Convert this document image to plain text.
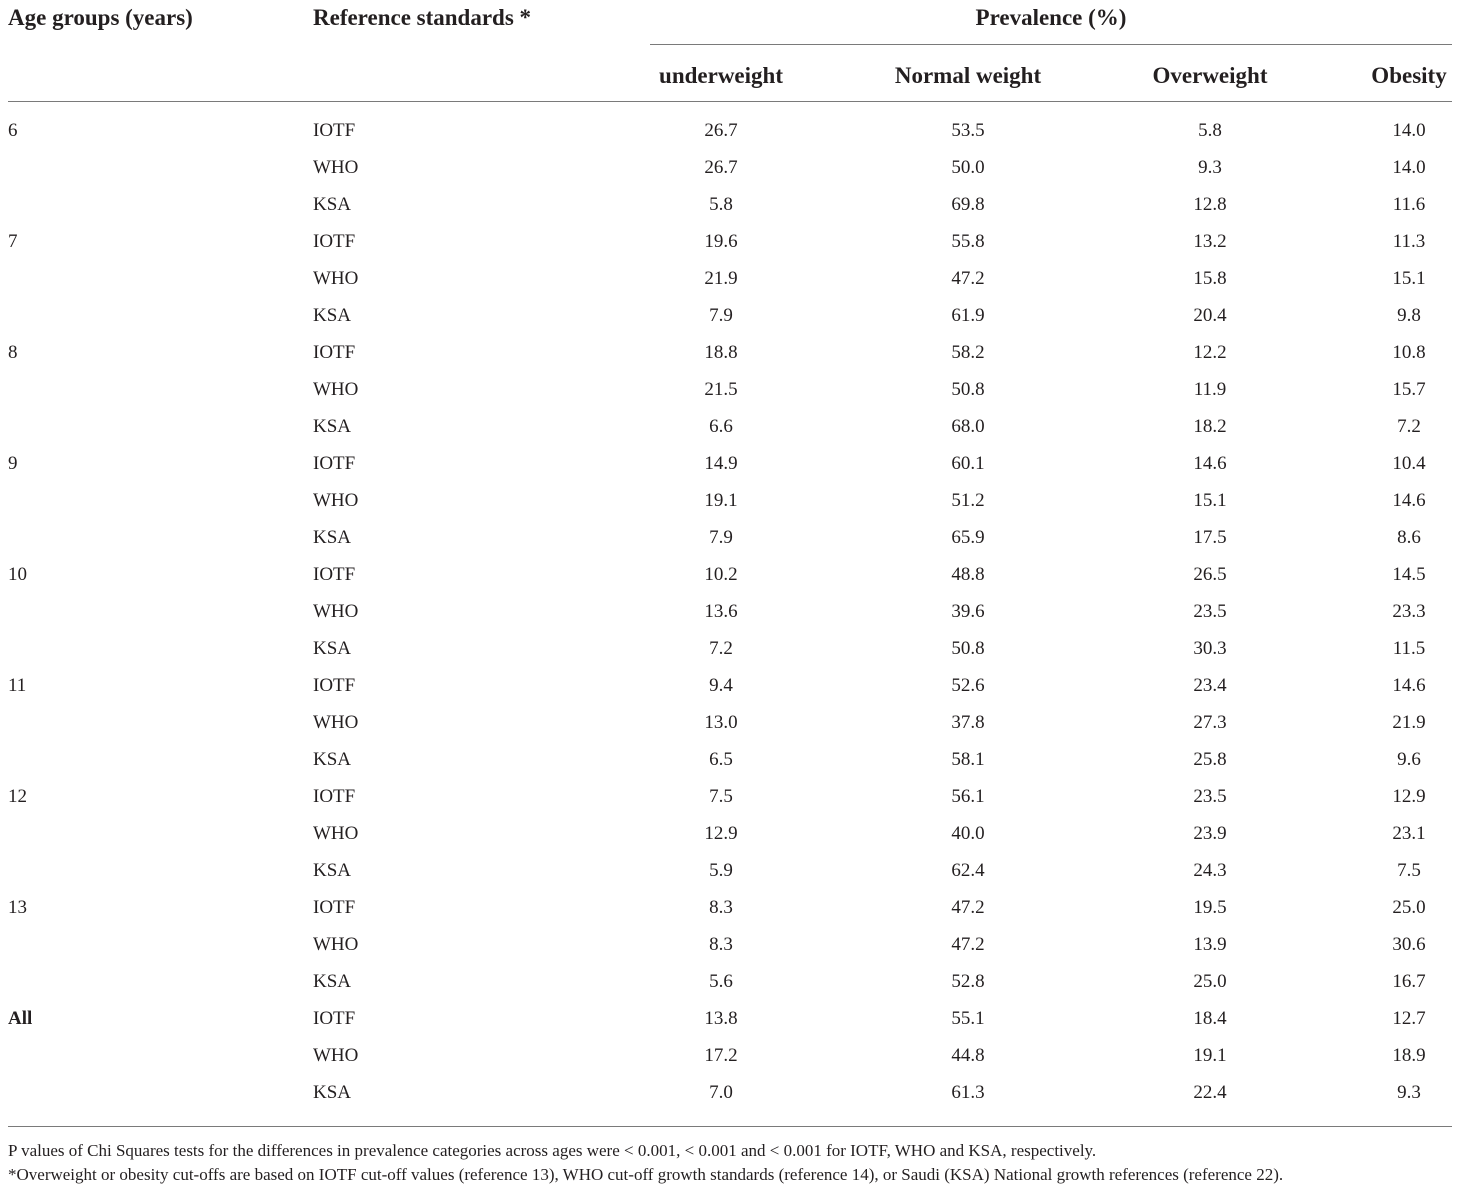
Age groups (years)	Reference standards *	Prevalence (%)
underweight	Normal weight	Overweight	Obesity
6	IOTF	26.7	53.5	5.8	14.0
WHO	26.7	50.0	9.3	14.0
KSA	5.8	69.8	12.8	11.6
7	IOTF	19.6	55.8	13.2	11.3
WHO	21.9	47.2	15.8	15.1
KSA	7.9	61.9	20.4	9.8
8	IOTF	18.8	58.2	12.2	10.8
WHO	21.5	50.8	11.9	15.7
KSA	6.6	68.0	18.2	7.2
9	IOTF	14.9	60.1	14.6	10.4
WHO	19.1	51.2	15.1	14.6
KSA	7.9	65.9	17.5	8.6
10	IOTF	10.2	48.8	26.5	14.5
WHO	13.6	39.6	23.5	23.3
KSA	7.2	50.8	30.3	11.5
11	IOTF	9.4	52.6	23.4	14.6
WHO	13.0	37.8	27.3	21.9
KSA	6.5	58.1	25.8	9.6
12	IOTF	7.5	56.1	23.5	12.9
WHO	12.9	40.0	23.9	23.1
KSA	5.9	62.4	24.3	7.5
13	IOTF	8.3	47.2	19.5	25.0
WHO	8.3	47.2	13.9	30.6
KSA	5.6	52.8	25.0	16.7
All	IOTF	13.8	55.1	18.4	12.7
WHO	17.2	44.8	19.1	18.9
KSA	7.0	61.3	22.4	9.3
P values of Chi Squares tests for the differences in prevalence categories across ages were < 0.001, < 0.001 and < 0.001 for IOTF, WHO and KSA, respectively.
*Overweight or obesity cut-offs are based on IOTF cut-off values (reference 13), WHO cut-off growth standards (reference 14), or Saudi (KSA) National growth references (reference 22).
